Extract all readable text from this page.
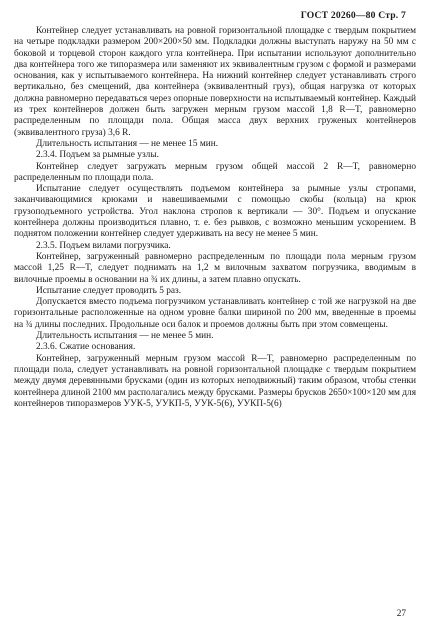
ГОСТ 20260—80 Стр. 7

Контейнер следует устанавливать на ровной горизонтальной площадке с твердым покрытием на четыре подкладки размером 200×200×50 мм. Подкладки должны выступать наружу на 50 мм с боковой и торцевой сторон каждого угла контейнера. При испытании используют дополнительно два контейнера того же типоразмера или заменяют их эквивалентным грузом с формой и размерами основания, как у испытываемого контейнера. На нижний контейнер следует устанавливать строго вертикально, без смещений, два контейнера (эквивалентный груз), общая нагрузка от которых должна равномерно передаваться через опорные поверхности на испытываемый контейнер. Каждый из трех контейнеров должен быть загружен мерным грузом массой 1,8 R—T, равномерно распределенным по площади пола. Общая масса двух верхних груженых контейнеров (эквивалентного груза) 3,6 R.

Длительность испытания — не менее 15 мин.

2.3.4. Подъем за рымные узлы.

Контейнер следует загружать мерным грузом общей массой 2 R—T, равномерно распределенным по площади пола.

Испытание следует осуществлять подъемом контейнера за рымные узлы стропами, заканчивающимися крюками и навешиваемыми с помощью скобы (кольца) на крюк грузоподъемного устройства. Угол наклона стропов к вертикали — 30°. Подъем и опускание контейнера должны производиться плавно, т. е. без рывков, с возможно меньшим ускорением. В поднятом положении контейнер следует удерживать на весу не менее 5 мин.

2.3.5. Подъем вилами погрузчика.

Контейнер, загруженный равномерно распределенным по площади пола мерным грузом массой 1,25 R—T, следует поднимать на 1,2 м вилочным захватом погрузчика, вводимым в вилочные проемы в основании на ¾ их длины, а затем плавно опускать.

Испытание следует проводить 5 раз.

Допускается вместо подъема погрузчиком устанавливать контейнер с той же нагрузкой на две горизонтальные расположенные на одном уровне балки шириной по 200 мм, введенные в проемы на ¾ длины последних. Продольные оси балок и проемов должны быть при этом совмещены.

Длительность испытания — не менее 5 мин.

2.3.6. Сжатие основания.

Контейнер, загруженный мерным грузом массой R—T, равномерно распределенным по площади пола, следует устанавливать на ровной горизонтальной площадке с твердым покрытием между двумя деревянными брусками (один из которых неподвижный) таким образом, чтобы стенки контейнера длиной 2100 мм располагались между брусками. Размеры брусков 2650×100×120 мм для контейнеров типоразмеров УУК-5, УУКП-5, УУК-5(6), УУКП-5(6)

27
